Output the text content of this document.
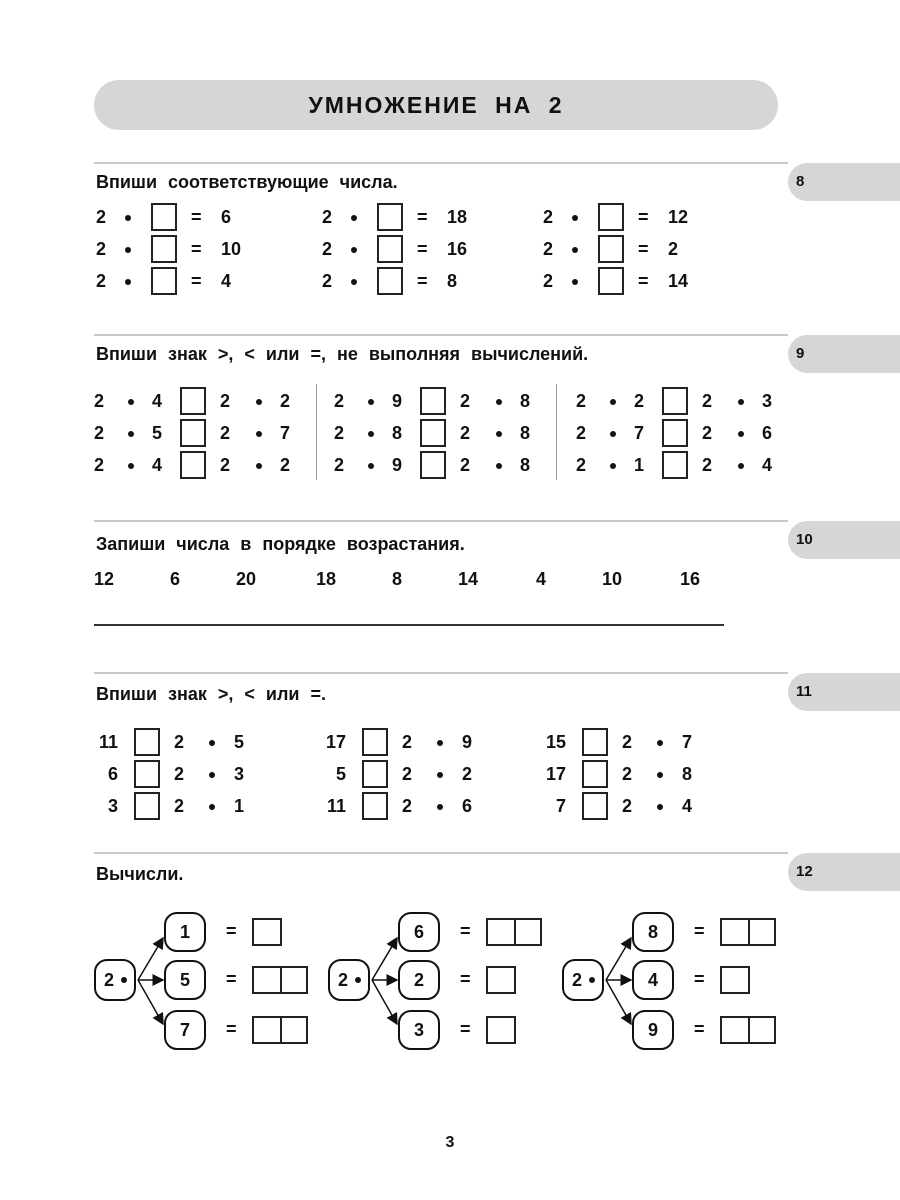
УМНОЖЕНИЕ НА 2
8
Впиши соответствующие числа.
2	= 6
2	= 10
2	= 4
2	= 18
2	= 16
2	= 8
2	= 12
2	= 2
2	= 14
9
Впиши знак >, < или =, не выполняя вычислений.
2	4	2	2
2	5	2	7
2	4	2	2
2	9	2	8
2	8	2	8
2	9	2	8
2	2	2	3
2	7	2	6
2	1	2	4
10
Запиши числа в порядке возрастания.
12	6	20	18	8	14	4	10	16
11
Впиши знак >, < или =.
11	2	5
6	2	3
3	2	1
17	2	9
5	2	2
11	2	6
15	2	7
17	2	8
7	2	4
12
Вычисли.
2
1	=
5	=
7	=
2
6	=
2	=
3	=
2
8	=
4	=
9	=
3
